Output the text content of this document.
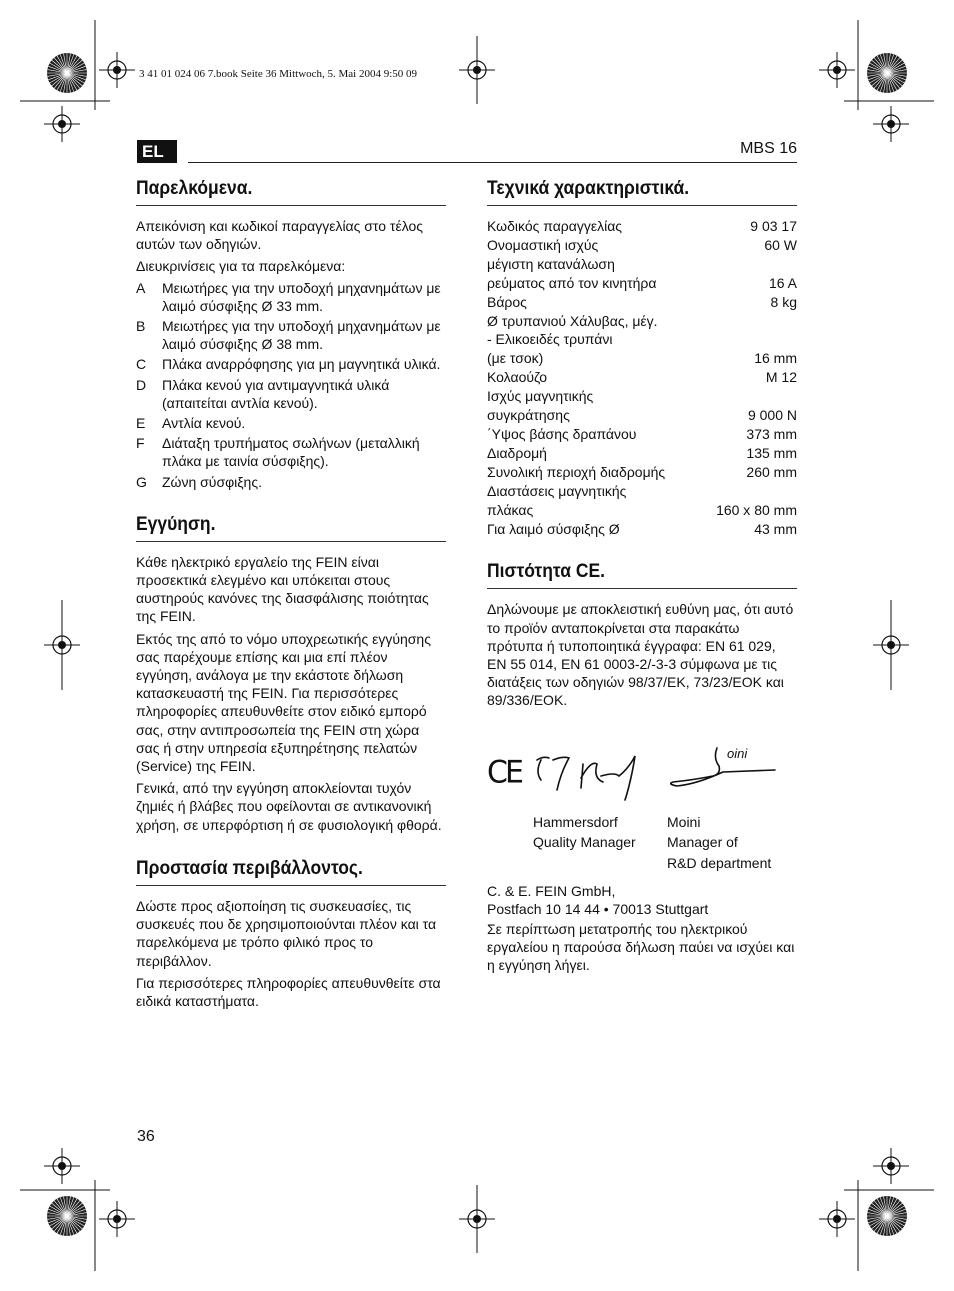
3 41 01 024 06 7.book Seite 36 Mittwoch, 5. Mai 2004 9:50 09
EL	MBS 16
Παρελκόμενα.

Απεικόνιση και κωδικοί παραγγελίας στο τέλος αυτών των οδηγιών.

Διευκρινίσεις για τα παρελκόμενα:

A	Μειωτήρες για την υποδοχή μηχανημάτων με λαιμό σύσφιξης Ø 33 mm.
B	Μειωτήρες για την υποδοχή μηχανημάτων με λαιμό σύσφιξης Ø 38 mm.
C	Πλάκα αναρρόφησης για μη μαγνητικά υλικά.
D	Πλάκα κενού για αντιμαγνητικά υλικά (απαιτείται αντλία κενού).
E	Αντλία κενού.
F	Διάταξη τρυπήματος σωλήνων (μεταλλική πλάκα με ταινία σύσφιξης).
G	Ζώνη σύσφιξης.
Εγγύηση.

Κάθε ηλεκτρικό εργαλείο της FEIN είναι προσεκτικά ελεγμένο και υπόκειται στους αυστηρούς κανόνες της διασφάλισης ποιότητας της FEIN.

Εκτός της από το νόμο υποχρεωτικής εγγύησης σας παρέχουμε επίσης και μια επί πλέον εγγύηση, ανάλογα με την εκάστοτε δήλωση κατασκευαστή της FEIN. Για περισσότερες πληροφορίες απευθυνθείτε στον ειδικό εμπορό σας, στην αντιπροσωπεία της FEIN στη χώρα σας ή στην υπηρεσία εξυπηρέτησης πελατών (Service) της FEIN.

Γενικά, από την εγγύηση αποκλείονται τυχόν ζημιές ή βλάβες που οφείλονται σε αντικανονική χρήση, σε υπερφόρτιση ή σε φυσιολογική φθορά.

Προστασία περιβάλλοντος.

Δώστε προς αξιοποίηση τις συσκευασίες, τις συσκευές που δε χρησιμοποιούνται πλέον και τα παρελκόμενα με τρόπο φιλικό προς το περιβάλλον.

Για περισσότερες πληροφορίες απευθυνθείτε στα ειδικά καταστήματα.

Τεχνικά χαρακτηριστικά.
Κωδικός παραγγελίας	9 03 17
Ονομαστική ισχύς	60 W
μέγιστη κατανάλωση
ρεύματος από τον κινητήρα	16 A
Βάρος	8 kg
Ø τρυπανιού Χάλυβας, μέγ.
- Ελικοειδές τρυπάνι
(με τσοκ)	16 mm
Κολαούζο	M 12
Ισχύς μαγνητικής
συγκράτησης	9 000 N
΄Υψος βάσης δραπάνου	373 mm
Διαδρομή	135 mm
Συνολική περιοχή διαδρομής	260 mm
Διαστάσεις μαγνητικής
πλάκας	160 x 80 mm
Για λαιμό σύσφιξης Ø	43 mm
Πιστότητα CE.

Δηλώνουμε με αποκλειστική ευθύνη μας, ότι αυτό το προϊόν ανταποκρίνεται στα παρακάτω πρότυπα ή τυποποιητικά έγγραφα: EN 61 029, EN 55 014, EN 61 0003-2/-3-3 σύμφωνα με τις διατάξεις των οδηγιών 98/37/ΕΚ, 73/23/ΕΟΚ και 89/336/ΕΟΚ.

CE
oini
Hammersdorf
Quality Manager
Moini
Manager of
R&D department

C. & E. FEIN GmbH,

Postfach 10 14 44 • 70013 Stuttgart

Σε περίπτωση μετατροπής του ηλεκτρικού εργαλείου η παρούσα δήλωση παύει να ισχύει και η εγγύηση λήγει.

36
